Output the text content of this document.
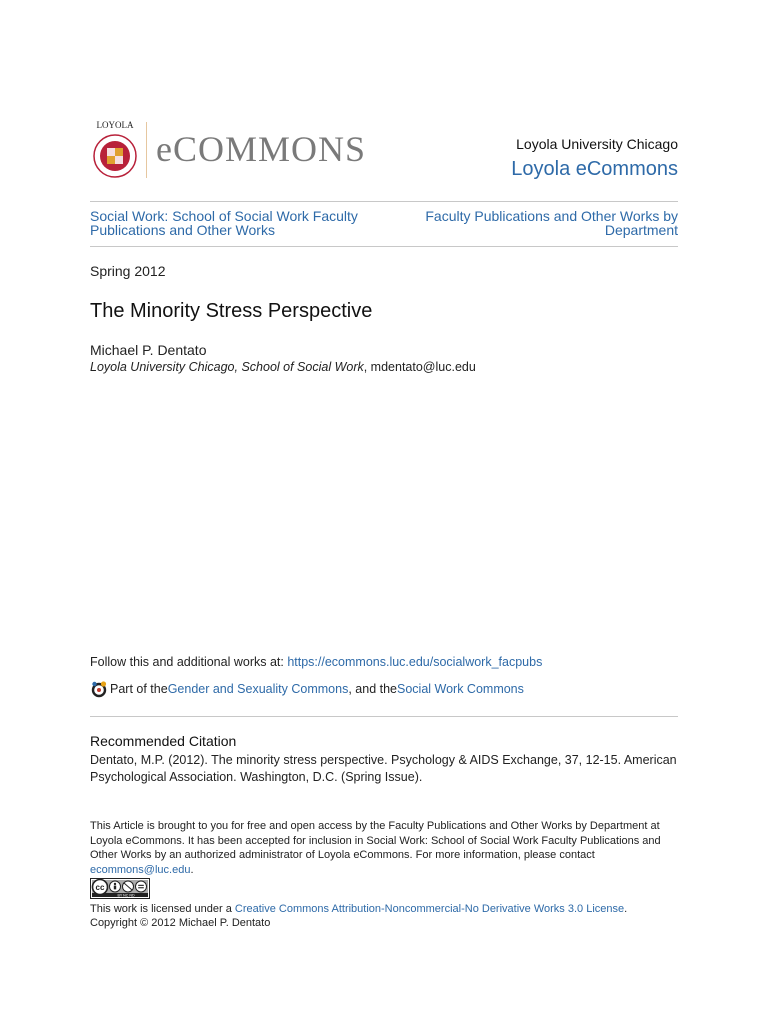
LOYOLA
eCOMMONS	Loyola University Chicago
Loyola eCommons
Social Work: School of Social Work Faculty
Publications and Other Works
Faculty Publications and Other Works by
Department
Spring 2012
The Minority Stress Perspective
Michael P. Dentato
Loyola University Chicago, School of Social Work, mdentato@luc.edu
Follow this and additional works at: https://ecommons.luc.edu/socialwork_facpubs
Part of the Gender and Sexuality Commons , and the Social Work Commons
Recommended Citation
Dentato, M.P. (2012). The minority stress perspective. Psychology & AIDS Exchange, 37, 12-15. American Psychological Association. Washington, D.C. (Spring Issue).
This Article is brought to you for free and open access by the Faculty Publications and Other Works by Department at Loyola eCommons. It has been accepted for inclusion in Social Work: School of Social Work Faculty Publications and Other Works by an authorized administrator of Loyola eCommons. For more information, please contact ecommons@luc.edu.
cc
BY NC ND
This work is licensed under a Creative Commons Attribution-Noncommercial-No Derivative Works 3.0 License.
Copyright © 2012 Michael P. Dentato
